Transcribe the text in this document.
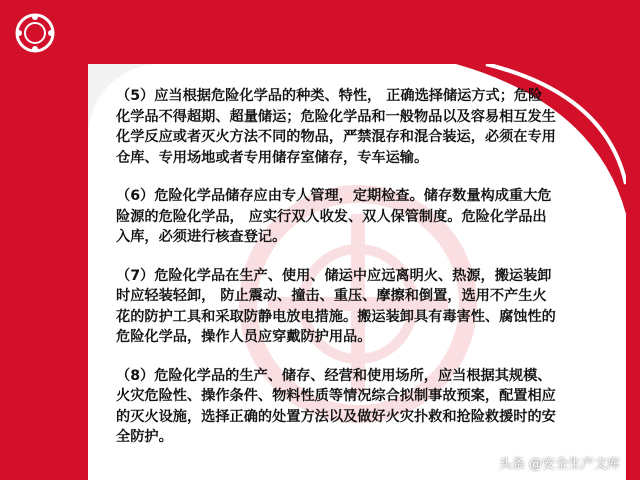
（5）应当根据危险化学品的种类、特性， 正确选择储运方式；危险化学品不得超期、超量储运；危险化学品和一般物品以及容易相互发生化学反应或者灭火方法不同的物品，严禁混存和混合装运，必须在专用仓库、专用场地或者专用储存室储存，专车运输。

（6）危险化学品储存应由专人管理，定期检查。储存数量构成重大危险源的危险化学品， 应实行双人收发、双人保管制度。危险化学品出入库，必须进行核查登记。

（7）危险化学品在生产、使用、储运中应远离明火、热源，搬运装卸时应轻装轻卸， 防止震动、撞击、重压、摩擦和倒置，选用不产生火花的防护工具和采取防静电放电措施。搬运装卸具有毒害性、腐蚀性的危险化学品，操作人员应穿戴防护用品。

（8）危险化学品的生产、储存、经营和使用场所，应当根据其规模、火灾危险性、操作条件、物料性质等情况综合拟制事故预案，配置相应的灭火设施，选择正确的处置方法以及做好火灾扑救和抢险救援时的安全防护。

头条 @安全生产文库
